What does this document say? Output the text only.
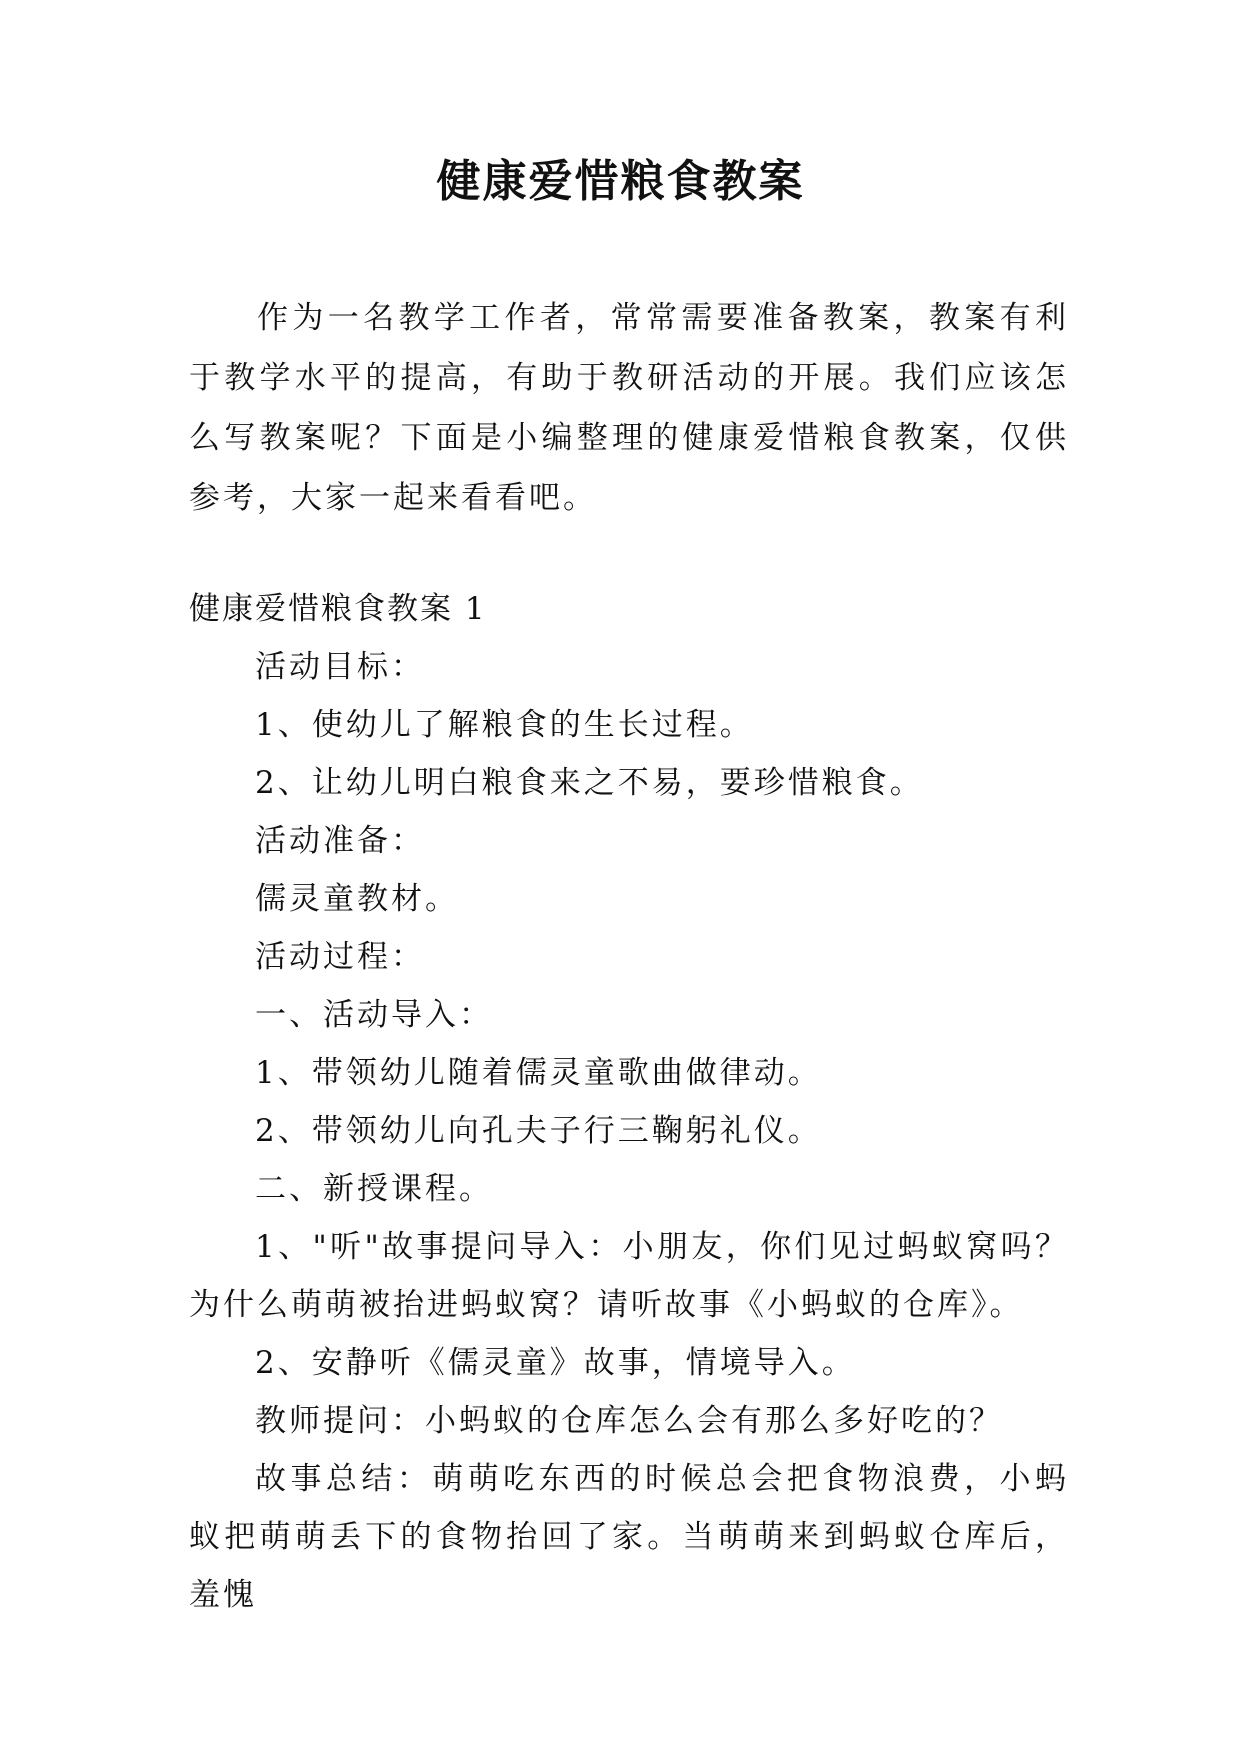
健康爱惜粮食教案

作为一名教学工作者，常常需要准备教案，教案有利于教学水平的提高，有助于教研活动的开展。我们应该怎么写教案呢？下面是小编整理的健康爱惜粮食教案，仅供参考，大家一起来看看吧。

健康爱惜粮食教案 1

活动目标：

1、使幼儿了解粮食的生长过程。

2、让幼儿明白粮食来之不易，要珍惜粮食。

活动准备：

儒灵童教材。

活动过程：

一、活动导入：

1、带领幼儿随着儒灵童歌曲做律动。

2、带领幼儿向孔夫子行三鞠躬礼仪。

二、新授课程。

1、"听"故事提问导入：小朋友，你们见过蚂蚁窝吗？为什么萌萌被抬进蚂蚁窝？请听故事《小蚂蚁的仓库》。

2、安静听《儒灵童》故事，情境导入。

教师提问：小蚂蚁的仓库怎么会有那么多好吃的？

故事总结：萌萌吃东西的时候总会把食物浪费，小蚂蚁把萌萌丢下的食物抬回了家。当萌萌来到蚂蚁仓库后，羞愧
